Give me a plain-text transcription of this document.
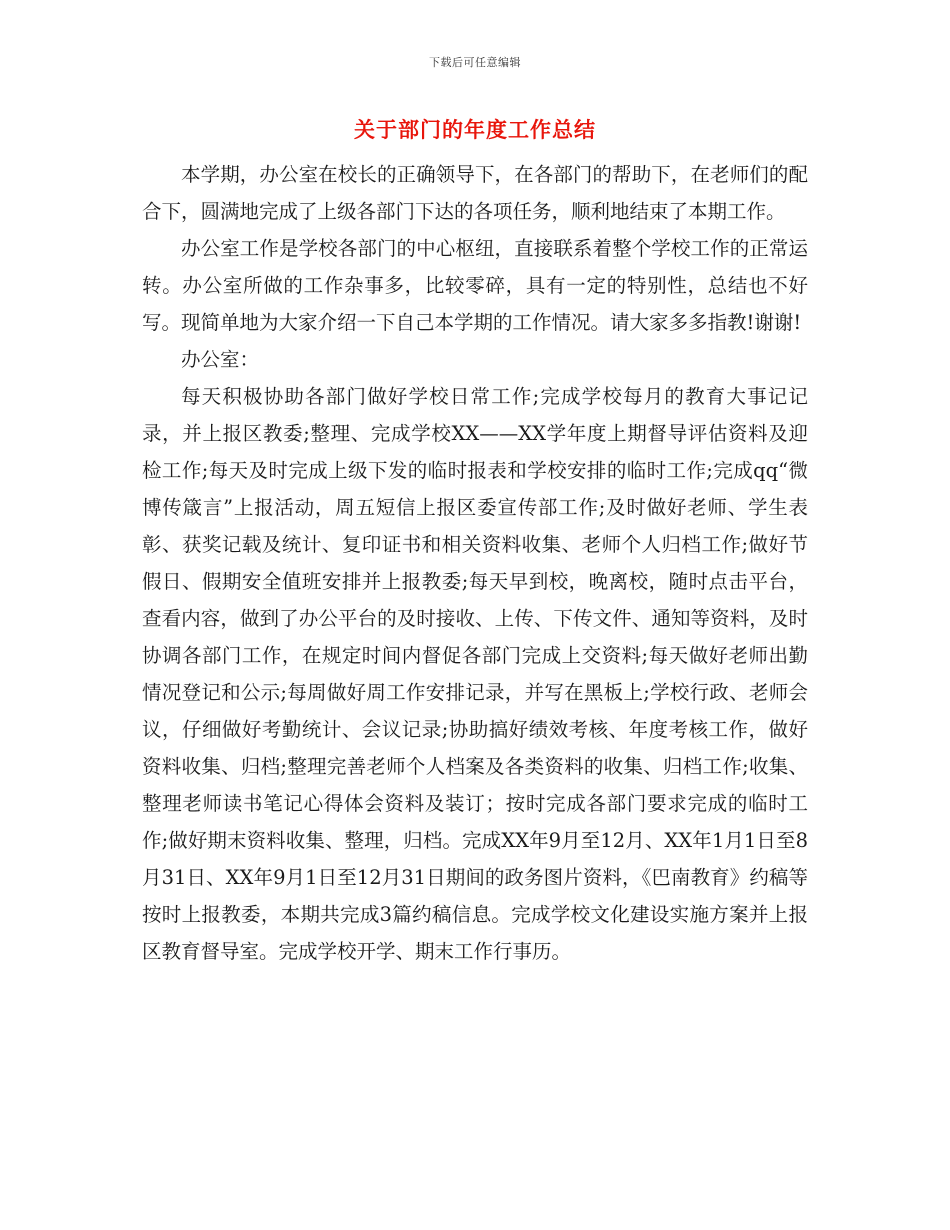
下载后可任意编辑
关于部门的年度工作总结

本学期，办公室在校长的正确领导下，在各部门的帮助下，在老师们的配合下，圆满地完成了上级各部门下达的各项任务，顺利地结束了本期工作。

办公室工作是学校各部门的中心枢纽，直接联系着整个学校工作的正常运转。办公室所做的工作杂事多，比较零碎，具有一定的特别性，总结也不好写。现简单地为大家介绍一下自己本学期的工作情况。请大家多多指教!谢谢!

办公室：

每天积极协助各部门做好学校日常工作;完成学校每月的教育大事记记录，并上报区教委;整理、完成学校XX——XX学年度上期督导评估资料及迎检工作;每天及时完成上级下发的临时报表和学校安排的临时工作;完成qq“微博传箴言”上报活动，周五短信上报区委宣传部工作;及时做好老师、学生表彰、获奖记载及统计、复印证书和相关资料收集、老师个人归档工作;做好节假日、假期安全值班安排并上报教委;每天早到校，晚离校，随时点击平台，查看内容，做到了办公平台的及时接收、上传、下传文件、通知等资料，及时协调各部门工作，在规定时间内督促各部门完成上交资料;每天做好老师出勤情况登记和公示;每周做好周工作安排记录，并写在黑板上;学校行政、老师会议，仔细做好考勤统计、会议记录;协助搞好绩效考核、年度考核工作，做好资料收集、归档;整理完善老师个人档案及各类资料的收集、归档工作;收集、整理老师读书笔记心得体会资料及装订；按时完成各部门要求完成的临时工作;做好期末资料收集、整理，归档。完成XX年9月至12月、XX年1月1日至8月31日、XX年9月1日至12月31日期间的政务图片资料，《巴南教育》约稿等按时上报教委，本期共完成3篇约稿信息。完成学校文化建设实施方案并上报区教育督导室。完成学校开学、期末工作行事历。
